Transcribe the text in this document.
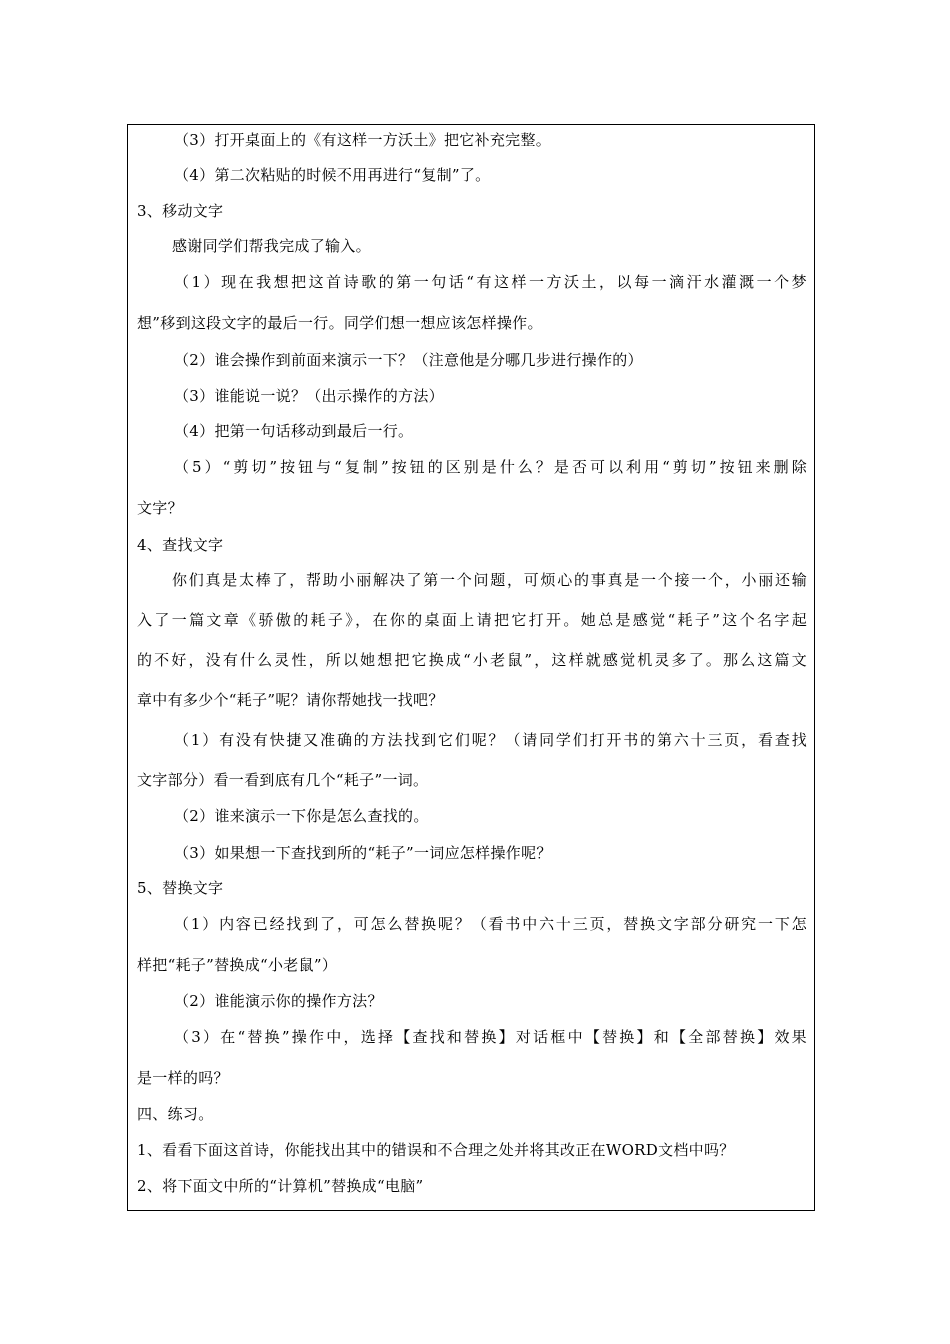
（3）打开桌面上的《有这样一方沃土》把它补充完整。
（4）第二次粘贴的时候不用再进行“复制”了。
3、移动文字
感谢同学们帮我完成了输入。
（1）现在我想把这首诗歌的第一句话“有这样一方沃土，以每一滴汗水灌溉一个梦
想”移到这段文字的最后一行。同学们想一想应该怎样操作。
（2）谁会操作到前面来演示一下？（注意他是分哪几步进行操作的）
（3）谁能说一说？（出示操作的方法）
（4）把第一句话移动到最后一行。
（5）“剪切”按钮与“复制”按钮的区别是什么？是否可以利用“剪切”按钮来删除
文字？
4、查找文字
你们真是太棒了，帮助小丽解决了第一个问题，可烦心的事真是一个接一个，小丽还输
入了一篇文章《骄傲的耗子》，在你的桌面上请把它打开。她总是感觉“耗子”这个名字起
的不好，没有什么灵性，所以她想把它换成“小老鼠”，这样就感觉机灵多了。那么这篇文
章中有多少个“耗子”呢？请你帮她找一找吧？
（1）有没有快捷又准确的方法找到它们呢？（请同学们打开书的第六十三页，看查找
文字部分）看一看到底有几个“耗子”一词。
（2）谁来演示一下你是怎么查找的。
（3）如果想一下查找到所的“耗子”一词应怎样操作呢？
5、替换文字
（1）内容已经找到了，可怎么替换呢？（看书中六十三页，替换文字部分研究一下怎
样把“耗子”替换成“小老鼠”）
（2）谁能演示你的操作方法？
（3）在“替换”操作中，选择【查找和替换】对话框中【替换】和【全部替换】效果
是一样的吗？
四、练习。
1、看看下面这首诗，你能找出其中的错误和不合理之处并将其改正在WORD文档中吗？
2、将下面文中所的“计算机”替换成“电脑”
